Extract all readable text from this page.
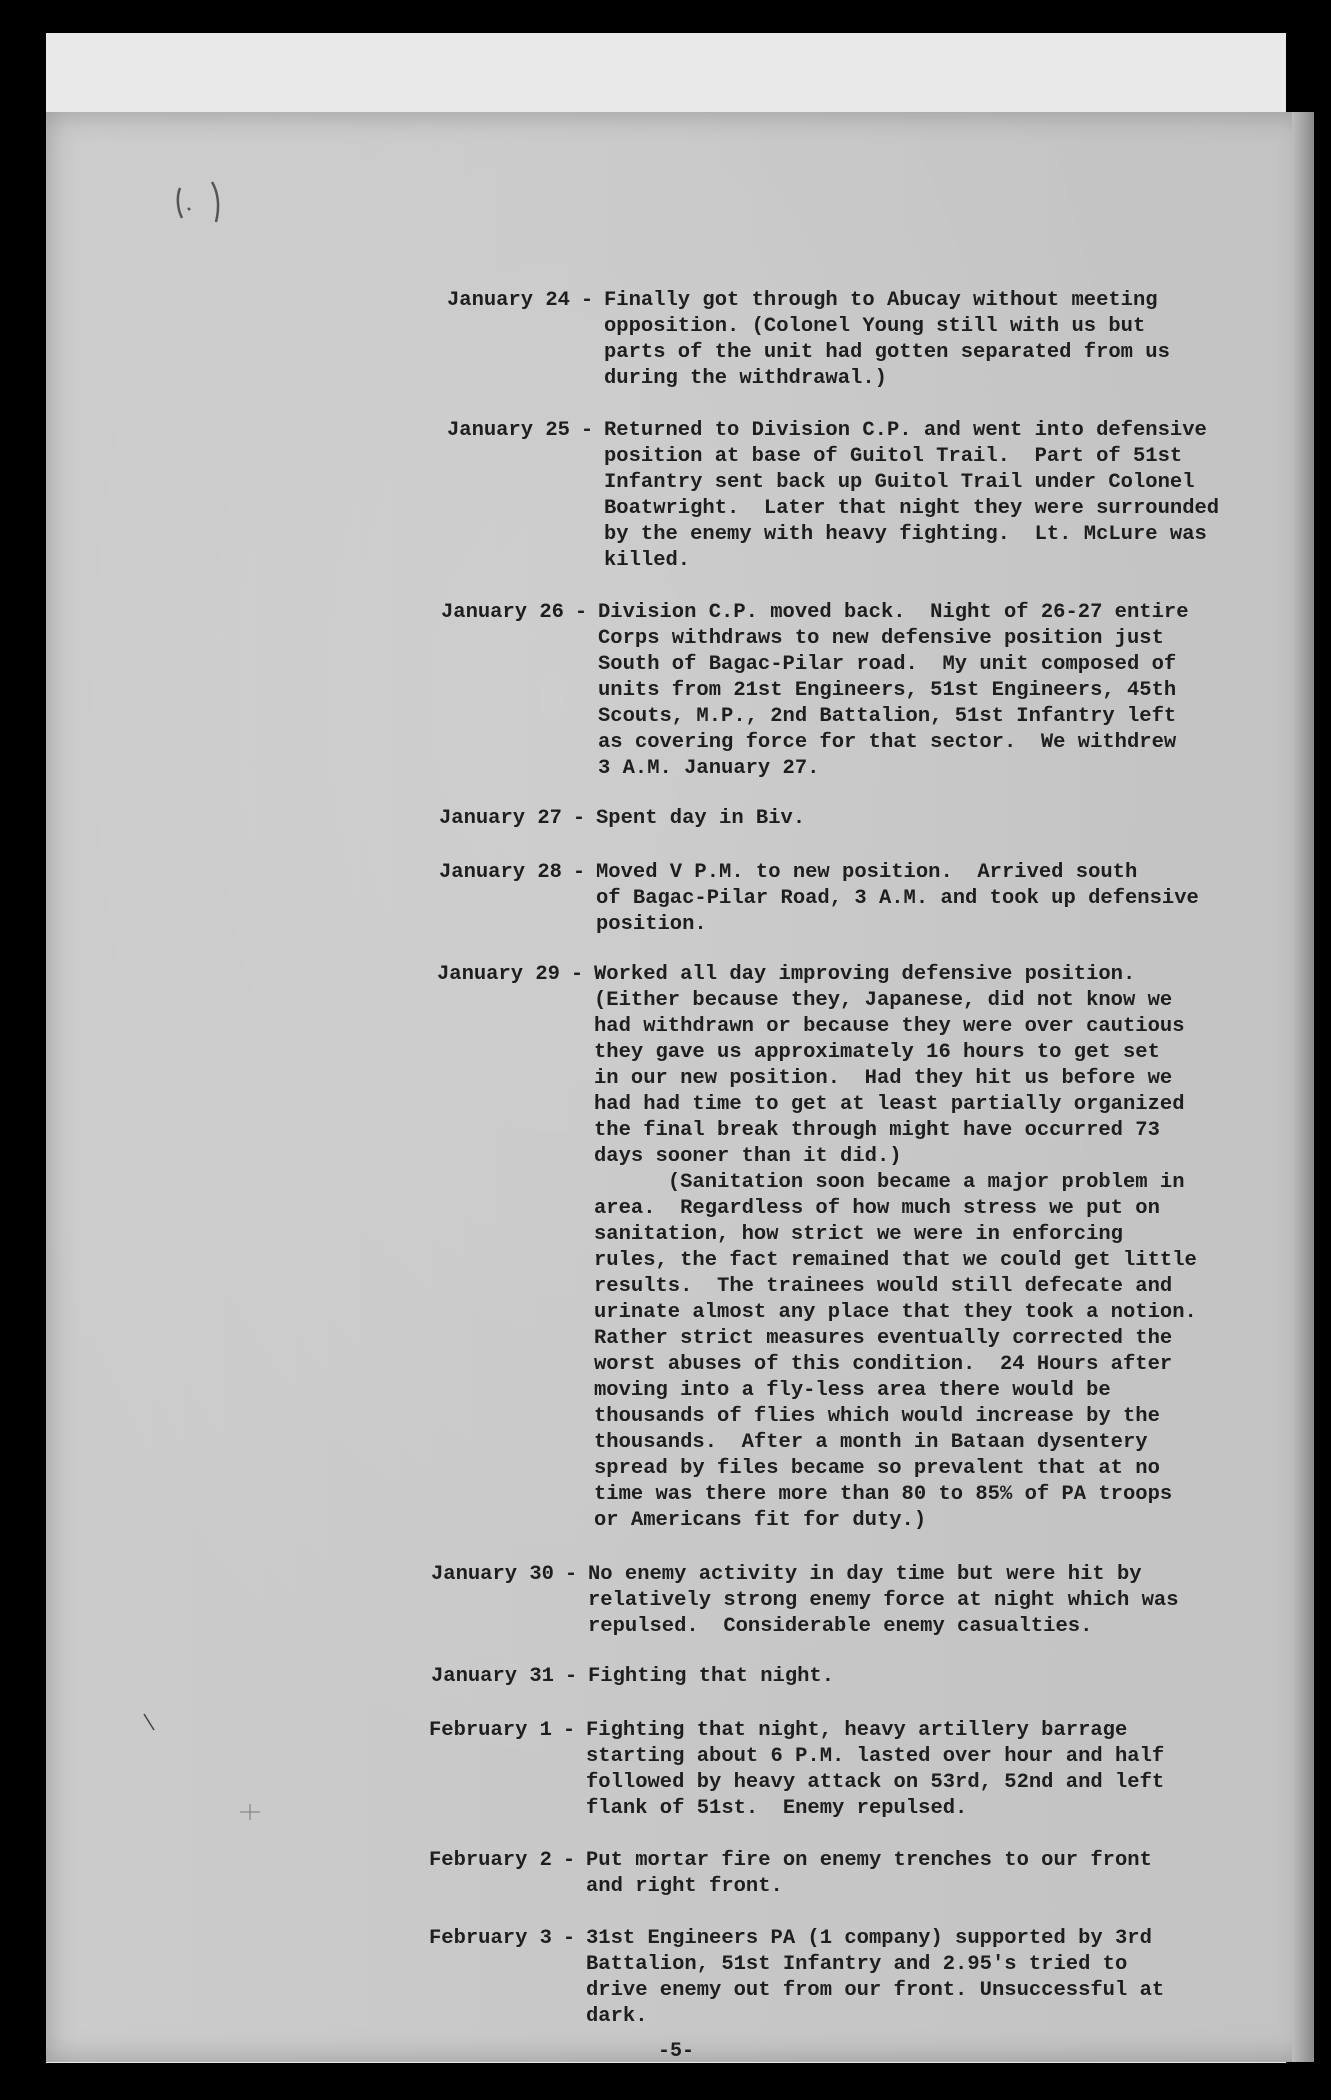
January 24 - Finally got through to Abucay without meeting
opposition. (Colonel Young still with us but
parts of the unit had gotten separated from us
during the withdrawal.)
January 25 - Returned to Division C.P. and went into defensive
position at base of Guitol Trail.  Part of 51st
Infantry sent back up Guitol Trail under Colonel
Boatwright.  Later that night they were surrounded
by the enemy with heavy fighting.  Lt. McLure was
killed.
January 26 - Division C.P. moved back.  Night of 26-27 entire
Corps withdraws to new defensive position just
South of Bagac-Pilar road.  My unit composed of
units from 21st Engineers, 51st Engineers, 45th
Scouts, M.P., 2nd Battalion, 51st Infantry left
as covering force for that sector.  We withdrew
3 A.M. January 27.
January 27 - Spent day in Biv.
January 28 - Moved V P.M. to new position.  Arrived south
of Bagac-Pilar Road, 3 A.M. and took up defensive
position.
January 29 - Worked all day improving defensive position.
(Either because they, Japanese, did not know we
had withdrawn or because they were over cautious
they gave us approximately 16 hours to get set
in our new position.  Had they hit us before we
had had time to get at least partially organized
the final break through might have occurred 73
days sooner than it did.)
(Sanitation soon became a major problem in
area.  Regardless of how much stress we put on
sanitation, how strict we were in enforcing
rules, the fact remained that we could get little
results.  The trainees would still defecate and
urinate almost any place that they took a notion.
Rather strict measures eventually corrected the
worst abuses of this condition.  24 Hours after
moving into a fly-less area there would be
thousands of flies which would increase by the
thousands.  After a month in Bataan dysentery
spread by files became so prevalent that at no
time was there more than 80 to 85% of PA troops
or Americans fit for duty.)
January 30 - No enemy activity in day time but were hit by
relatively strong enemy force at night which was
repulsed.  Considerable enemy casualties.
January 31 - Fighting that night.
February 1 - Fighting that night, heavy artillery barrage
starting about 6 P.M. lasted over hour and half
followed by heavy attack on 53rd, 52nd and left
flank of 51st.  Enemy repulsed.
February 2 - Put mortar fire on enemy trenches to our front
and right front.
February 3 - 31st Engineers PA (1 company) supported by 3rd
Battalion, 51st Infantry and 2.95's tried to
drive enemy out from our front. Unsuccessful at
dark.
-5-
